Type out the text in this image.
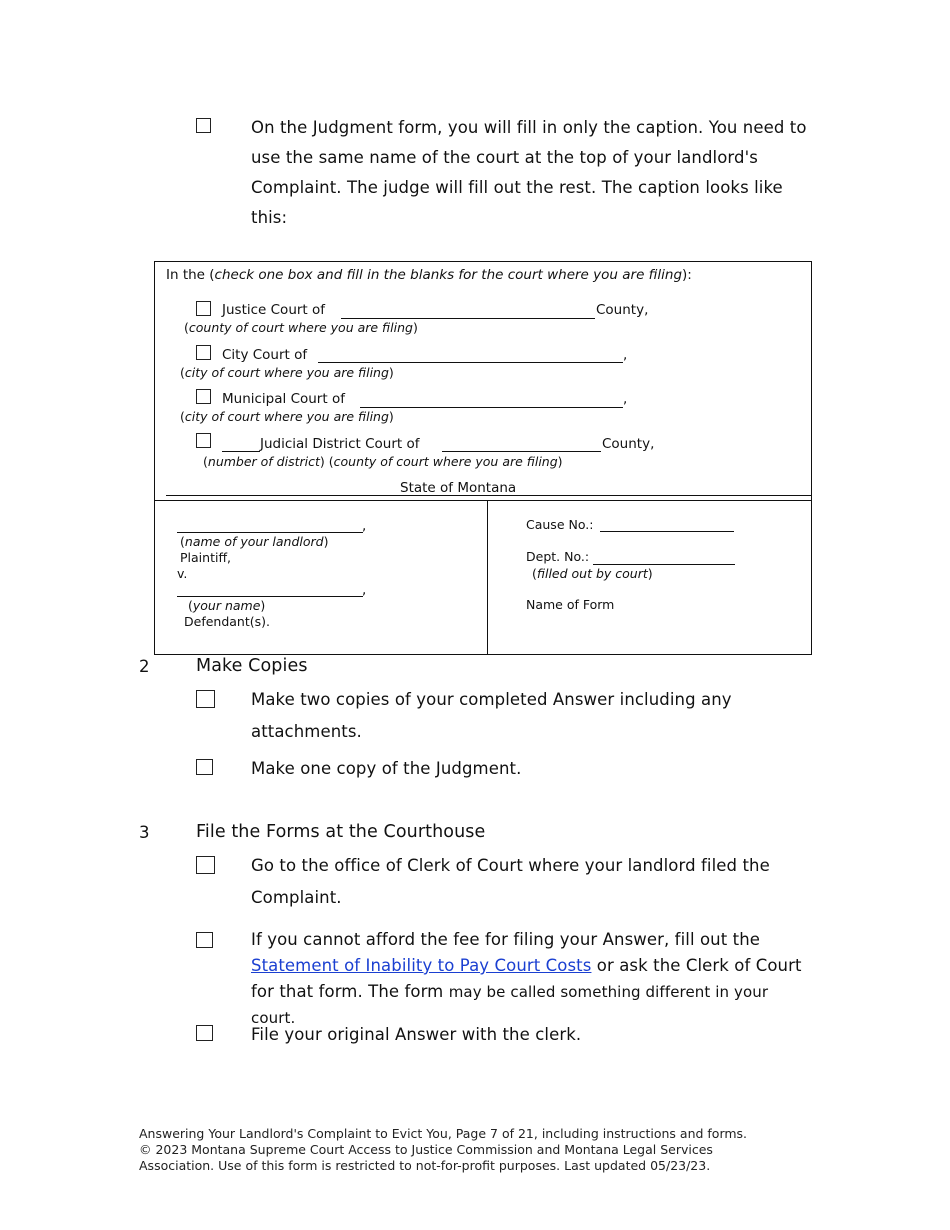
On the Judgment form, you will fill in only the caption. You need to use the same name of the court at the top of your landlord's Complaint. The judge will fill out the rest. The caption looks like this:
In the (check one box and fill in the blanks for the court where you are filing):
Justice Court of	County,
(county of court where you are filing)
City Court of	,
(city of court where you are filing)
Municipal Court of	,
(city of court where you are filing)
Judicial District Court of	County,
(number of district) (county of court where you are filing)
State of Montana
,
(name of your landlord)
Plaintiff,
v.
,
(your name)
Defendant(s).
Cause No.:
Dept. No.:
(filled out by court)
Name of Form
2	Make Copies
Make two copies of your completed Answer including any attachments.
Make one copy of the Judgment.
3	File the Forms at the Courthouse
Go to the office of Clerk of Court where your landlord filed the Complaint.
If you cannot afford the fee for filing your Answer, fill out the
Statement of Inability to Pay Court Costs or ask the Clerk of Court for that form. The form may be called something different in your court.
File your original Answer with the clerk.
Answering Your Landlord's Complaint to Evict You, Page 7 of 21, including instructions and forms.
© 2023 Montana Supreme Court Access to Justice Commission and Montana Legal Services Association. Use of this form is restricted to not-for-profit purposes. Last updated 05/23/23.
